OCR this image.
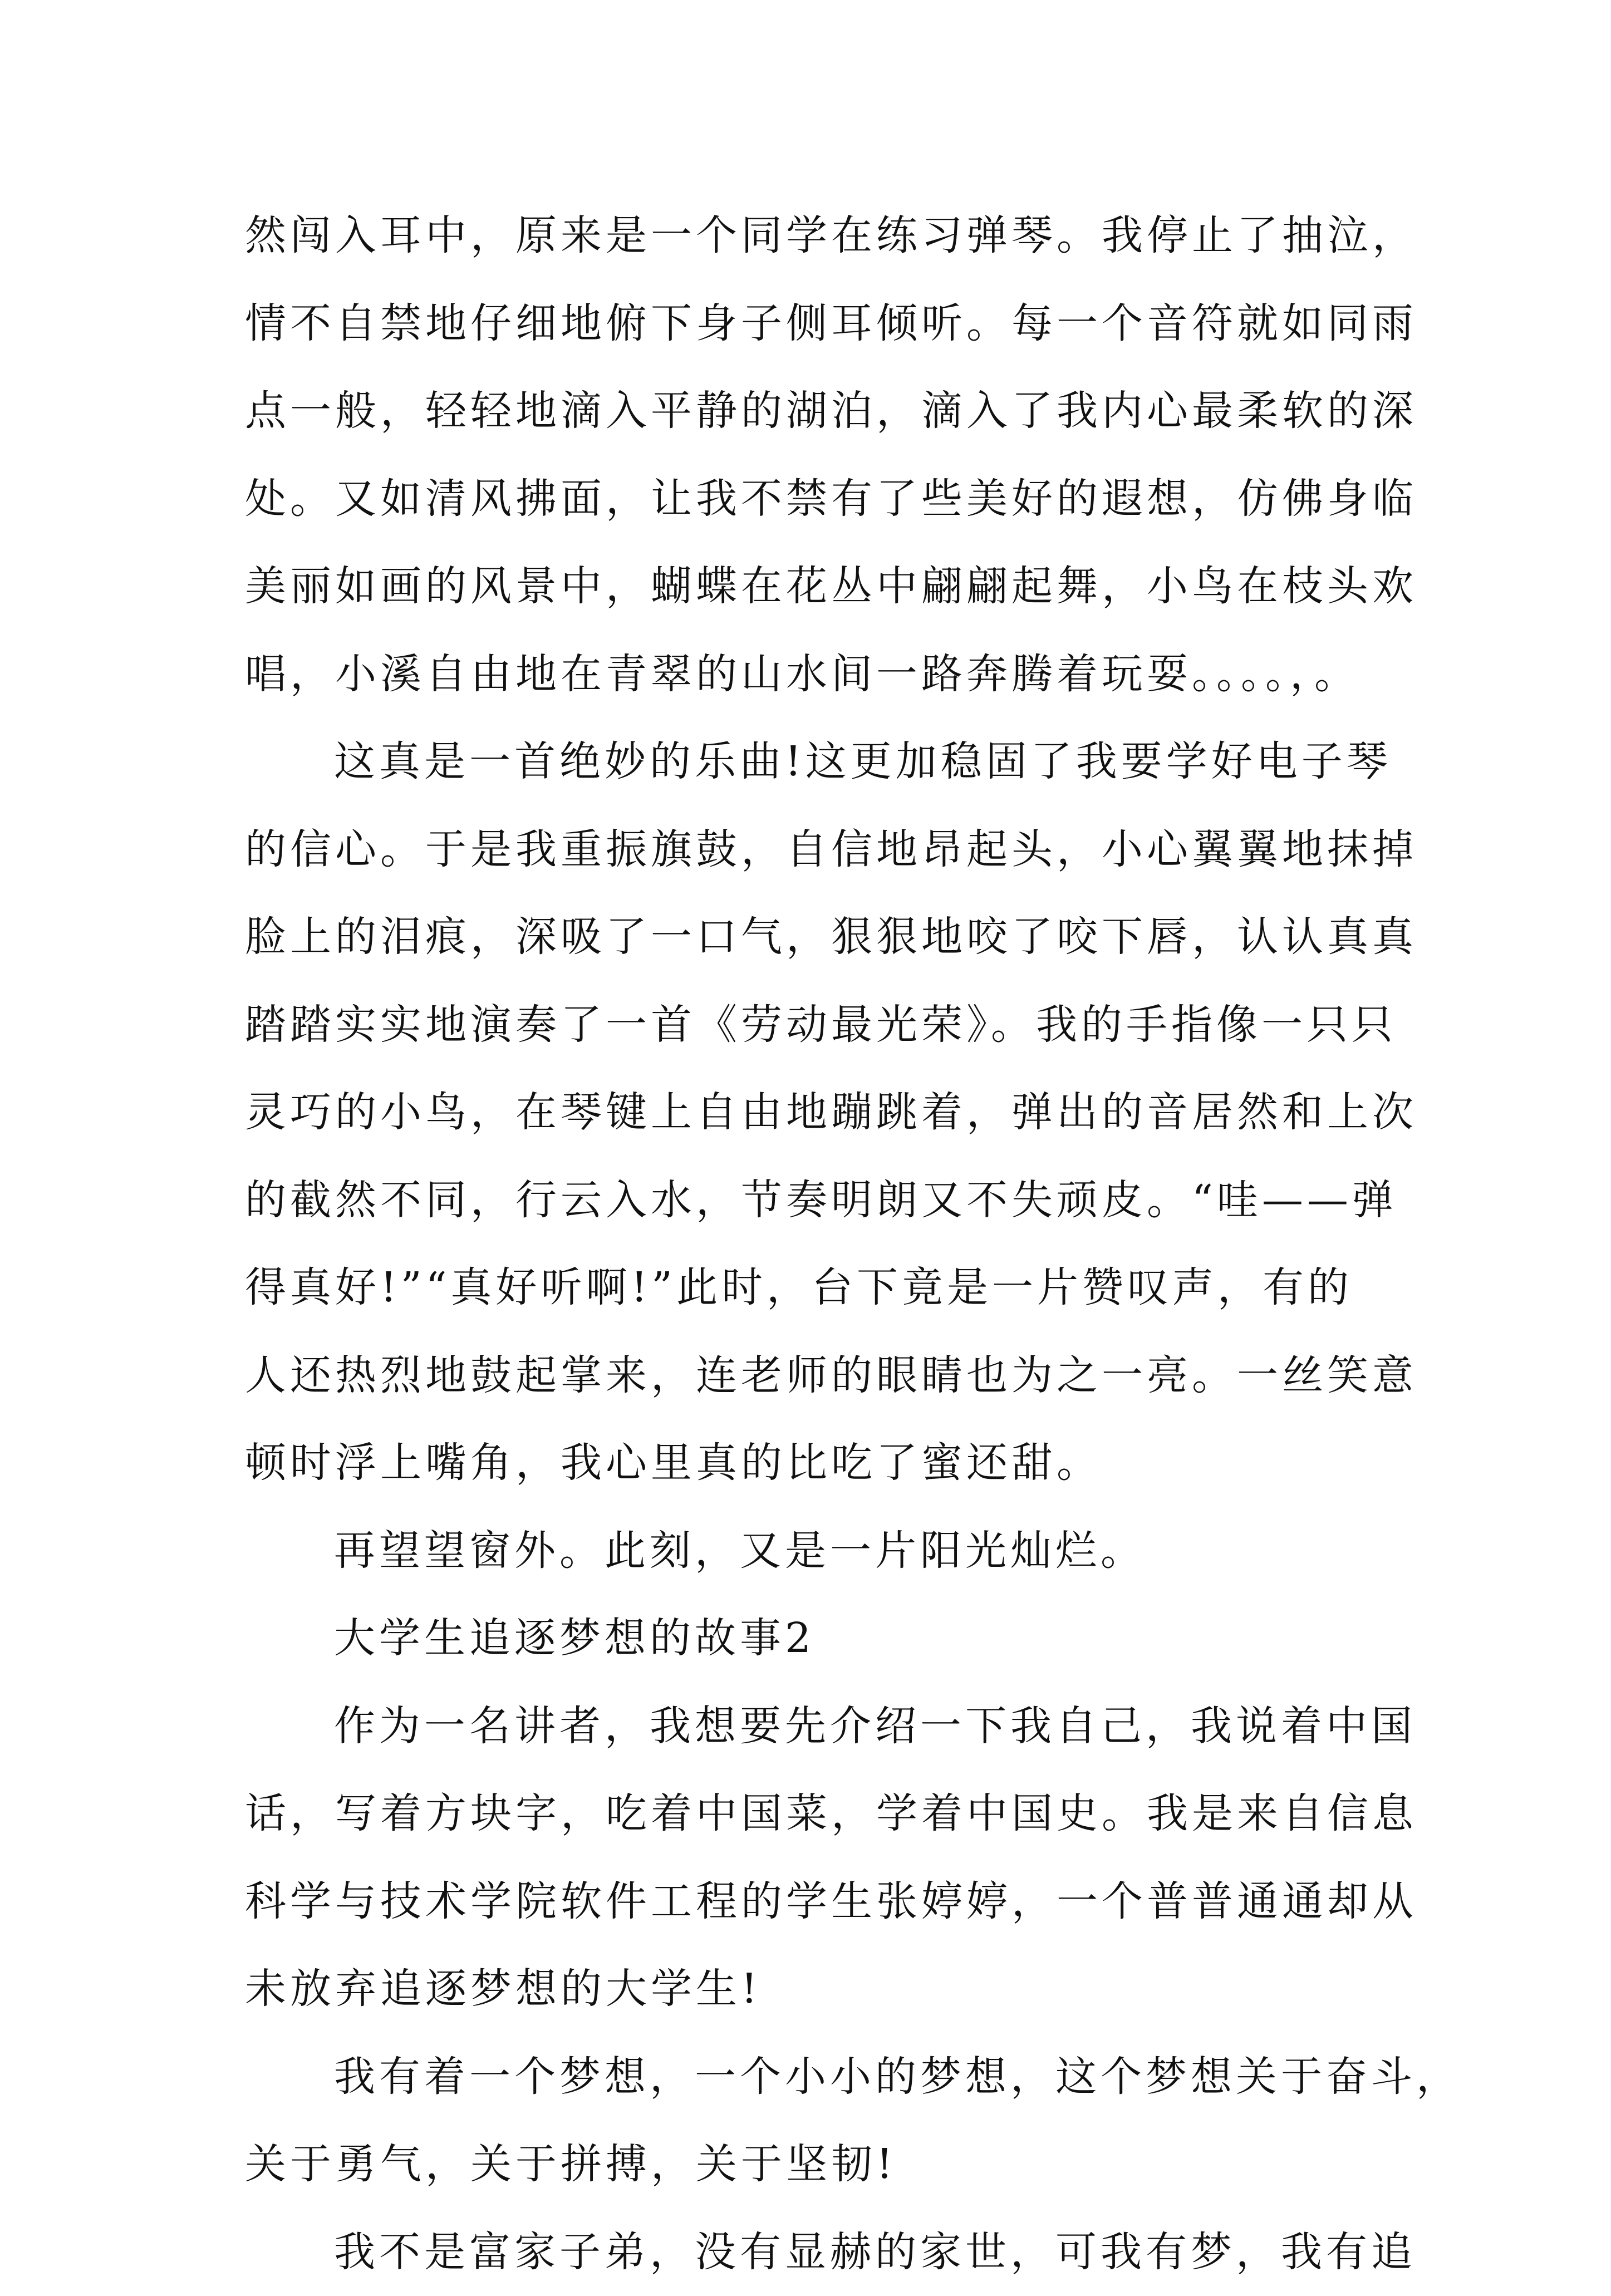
然闯入耳中，原来是一个同学在练习弹琴。我停止了抽泣，
情不自禁地仔细地俯下身子侧耳倾听。每一个音符就如同雨
点一般，轻轻地滴入平静的湖泊，滴入了我内心最柔软的深
处。又如清风拂面，让我不禁有了些美好的遐想，仿佛身临
美丽如画的风景中，蝴蝶在花丛中翩翩起舞，小鸟在枝头欢
唱，小溪自由地在青翠的山水间一路奔腾着玩耍。。。。，。
这真是一首绝妙的乐曲!这更加稳固了我要学好电子琴
的信心。于是我重振旗鼓，自信地昂起头，小心翼翼地抹掉
脸上的泪痕，深吸了一口气，狠狠地咬了咬下唇，认认真真
踏踏实实地演奏了一首《劳动最光荣》。我的手指像一只只
灵巧的小鸟，在琴键上自由地蹦跳着，弹出的音居然和上次
的截然不同，行云入水，节奏明朗又不失顽皮。“哇——弹
得真好!”“真好听啊!”此时，台下竟是一片赞叹声，有的
人还热烈地鼓起掌来，连老师的眼睛也为之一亮。一丝笑意
顿时浮上嘴角，我心里真的比吃了蜜还甜。
再望望窗外。此刻，又是一片阳光灿烂。
大学生追逐梦想的故事2
作为一名讲者，我想要先介绍一下我自己，我说着中国
话，写着方块字，吃着中国菜，学着中国史。我是来自信息
科学与技术学院软件工程的学生张婷婷，一个普普通通却从
未放弃追逐梦想的大学生!
我有着一个梦想，一个小小的梦想，这个梦想关于奋斗，
关于勇气，关于拼搏，关于坚韧!
我不是富家子弟，没有显赫的家世，可我有梦，我有追
